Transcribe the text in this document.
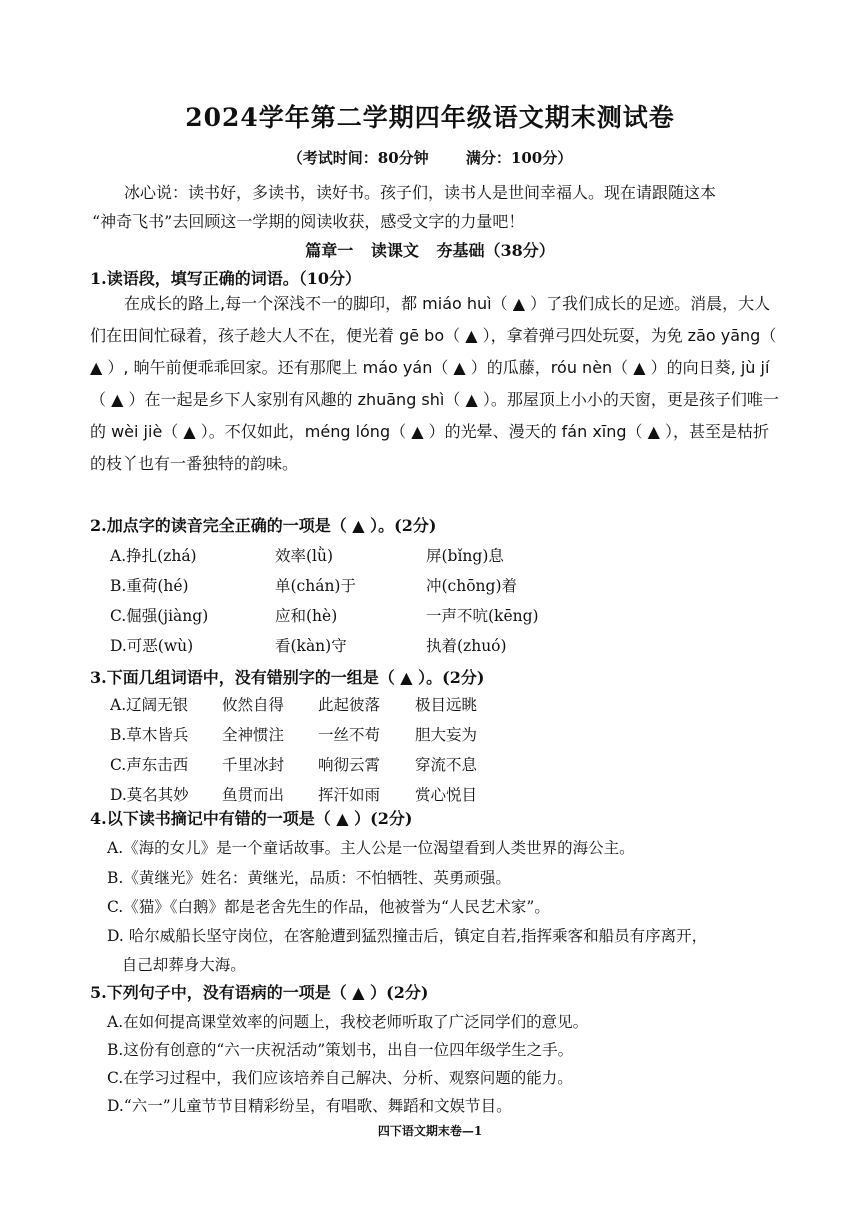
2024学年第二学期四年级语文期末测试卷
（考试时间：80分钟 满分：100分）
冰心说：读书好，多读书，读好书。孩子们，读书人是世间幸福人。现在请跟随这本
“神奇飞书”去回顾这一学期的阅读收获，感受文字的力量吧！
篇章一 读课文 夯基础（38分）
1.读语段，填写正确的词语。（10分）
在成长的路上,每一个深浅不一的脚印，都 miáo huì（ ▲ ）了我们成长的足迹。消晨，大人们在田间忙碌着，孩子趁大人不在，便光着 gē bo（ ▲ ），拿着弹弓四处玩耍，为免 zāo yāng（ ▲ ）, 晌午前便乖乖回家。还有那爬上 máo yán（ ▲ ）的瓜藤，róu nèn（ ▲ ）的向日葵, jù jí（ ▲ ）在一起是乡下人家别有风趣的 zhuāng shì（ ▲ ）。那屋顶上小小的天窗，更是孩子们唯一的 wèi jiè（ ▲ ）。不仅如此，méng lóng（ ▲ ）的光晕、漫天的 fán xīng（ ▲ ），甚至是枯折的枝丫也有一番独特的韵味。
2.加点字的读音完全正确的一项是（ ▲ ）。(2分)
A.挣扎(zhá)	效率(lǜ)	屏(bǐng)息
B.重荷(hé)	单(chán)于	冲(chōng)着
C.倔强(jiàng)	应和(hè)	一声不吭(kēng)
D.可恶(wù)	看(kàn)守	执着(zhuó)
3.下面几组词语中，没有错别字的一组是（ ▲ ）。(2分)
A.辽阔无银 攸然自得 此起彼落 极目远眺
B.草木皆兵 全神惯注 一丝不苟 胆大妄为
C.声东击西 千里冰封 响彻云霄 穿流不息
D.莫名其妙 鱼贯而出 挥汗如雨 赏心悦目
4.以下读书摘记中有错的一项是（ ▲ ）(2分)
A.《海的女儿》是一个童话故事。主人公是一位渴望看到人类世界的海公主。
B.《黄继光》姓名：黄继光，品质：不怕牺牲、英勇顽强。
C.《猫》《白鹅》都是老舍先生的作品，他被誉为“人民艺术家”。
D. 哈尔威船长坚守岗位，在客舱遭到猛烈撞击后，镇定自若,指挥乘客和船员有序离开，
自己却葬身大海。
5.下列句子中，没有语病的一项是（ ▲ ）(2分)
A.在如何提高课堂效率的问题上，我校老师听取了广泛同学们的意见。
B.这份有创意的“六一庆祝活动”策划书，出自一位四年级学生之手。
C.在学习过程中，我们应该培养自己解决、分析、观察问题的能力。
D.“六一”儿童节节目精彩纷呈，有唱歌、舞蹈和文娱节目。
四下语文期末卷—1
